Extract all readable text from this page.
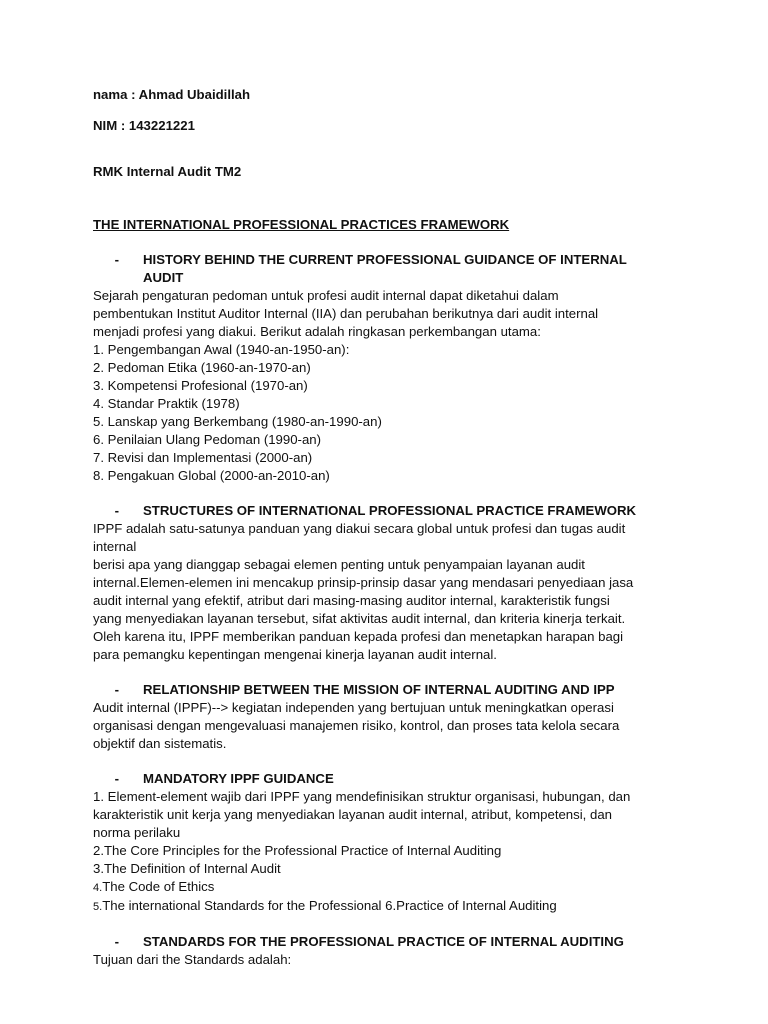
nama : Ahmad Ubaidillah
NIM : 143221221
RMK Internal Audit TM2
THE INTERNATIONAL PROFESSIONAL PRACTICES FRAMEWORK
-	HISTORY BEHIND THE CURRENT PROFESSIONAL GUIDANCE OF INTERNAL
AUDIT
Sejarah pengaturan pedoman untuk profesi audit internal dapat diketahui dalam
pembentukan Institut Auditor Internal (IIA) dan perubahan berikutnya dari audit internal
menjadi profesi yang diakui. Berikut adalah ringkasan perkembangan utama:
1. Pengembangan Awal (1940-an-1950-an):
2. Pedoman Etika (1960-an-1970-an)
3. Kompetensi Profesional (1970-an)
4. Standar Praktik (1978)
5. Lanskap yang Berkembang (1980-an-1990-an)
6. Penilaian Ulang Pedoman (1990-an)
7. Revisi dan Implementasi (2000-an)
8. Pengakuan Global (2000-an-2010-an)
-	STRUCTURES OF INTERNATIONAL PROFESSIONAL PRACTICE FRAMEWORK
IPPF adalah satu-satunya panduan yang diakui secara global untuk profesi dan tugas audit
internal
berisi apa yang dianggap sebagai elemen penting untuk penyampaian layanan audit
internal.Elemen-elemen ini mencakup prinsip-prinsip dasar yang mendasari penyediaan jasa
audit internal yang efektif, atribut dari masing-masing auditor internal, karakteristik fungsi
yang menyediakan layanan tersebut, sifat aktivitas audit internal, dan kriteria kinerja terkait.
Oleh karena itu, IPPF memberikan panduan kepada profesi dan menetapkan harapan bagi
para pemangku kepentingan mengenai kinerja layanan audit internal.
-	RELATIONSHIP BETWEEN THE MISSION OF INTERNAL AUDITING AND IPP
Audit internal (IPPF)--> kegiatan independen yang bertujuan untuk meningkatkan operasi
organisasi dengan mengevaluasi manajemen risiko, kontrol, dan proses tata kelola secara
objektif dan sistematis.
-	MANDATORY IPPF GUIDANCE
1. Element-element wajib dari IPPF yang mendefinisikan struktur organisasi, hubungan, dan
karakteristik unit kerja yang menyediakan layanan audit internal, atribut, kompetensi, dan
norma perilaku
2.The Core Principles for the Professional Practice of Internal Auditing
3.The Definition of Internal Audit
4.The Code of Ethics
5.The international Standards for the Professional 6.Practice of Internal Auditing
-	STANDARDS FOR THE PROFESSIONAL PRACTICE OF INTERNAL AUDITING
Tujuan dari the Standards adalah:
